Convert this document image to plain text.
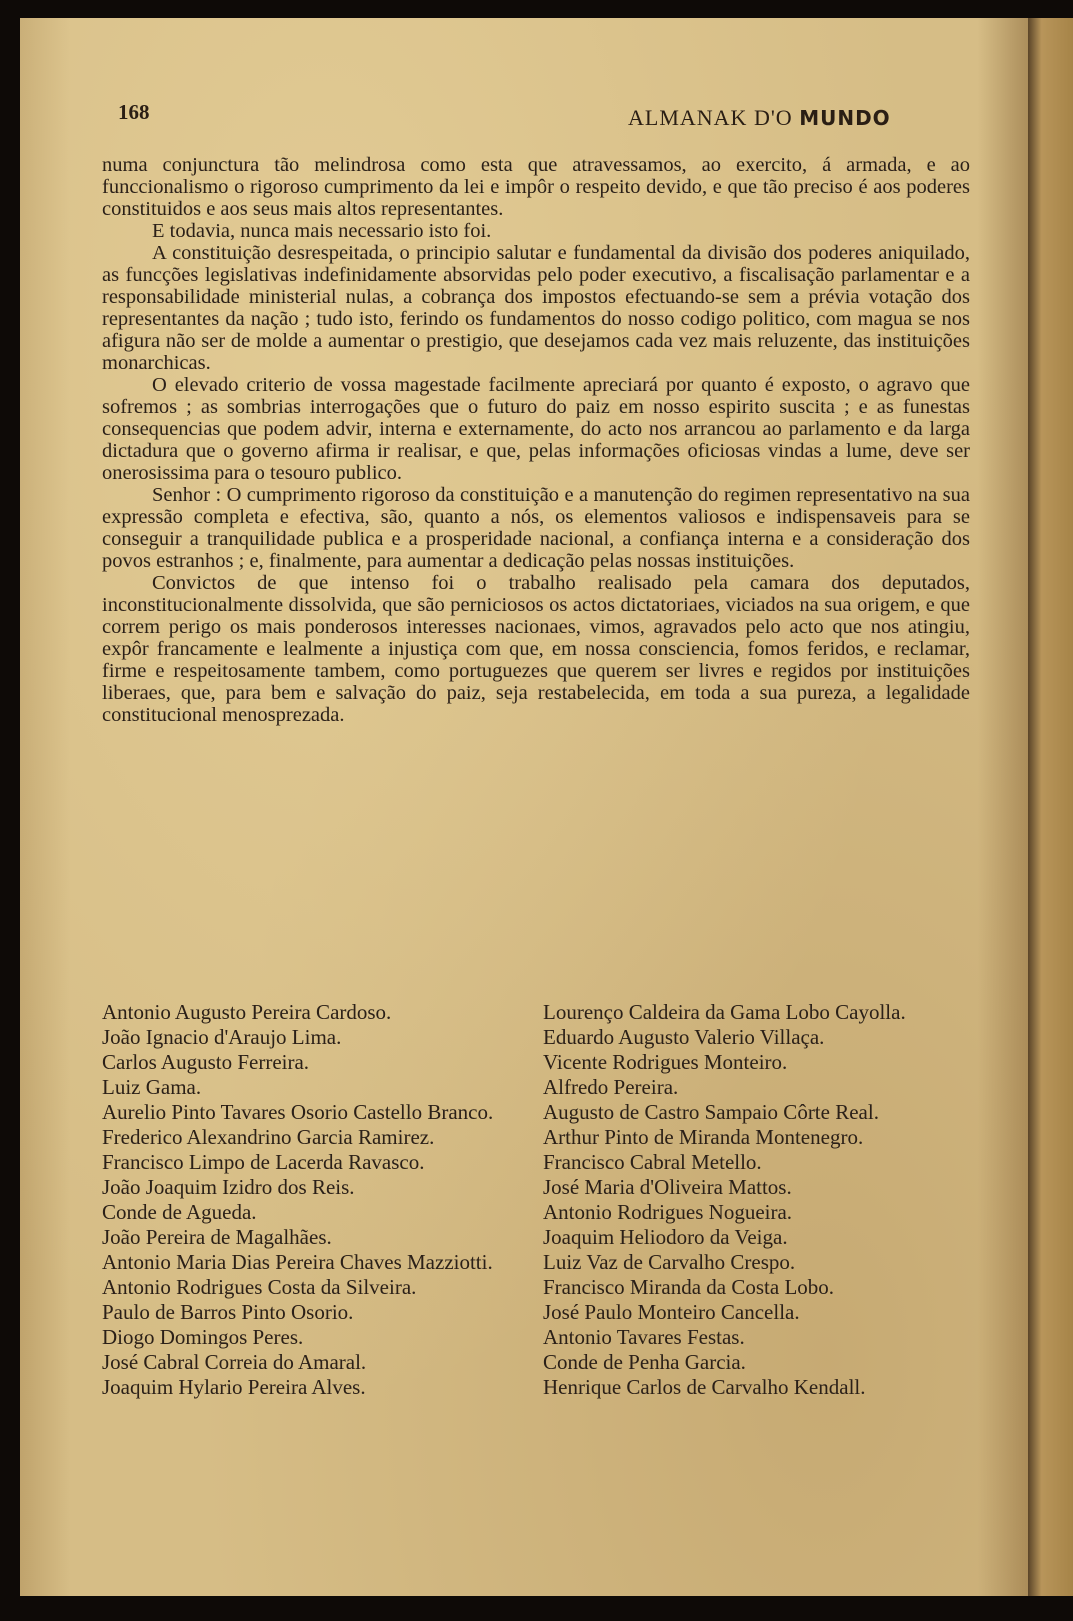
168	ALMANAK D'O MUNDO

numa conjunctura tão melindrosa como esta que atravessamos, ao exercito, á armada, e ao funccionalismo o rigoroso cumprimento da lei e impôr o respeito devido, e que tão preciso é aos poderes constituidos e aos seus mais altos representantes.

E todavia, nunca mais necessario isto foi.

A constituição desrespeitada, o principio salutar e fundamental da divisão dos poderes aniquilado, as funcções legislativas indefinidamente absorvidas pelo poder executivo, a fiscalisação parlamentar e a responsabilidade ministerial nulas, a cobrança dos impostos efectuando-se sem a prévia votação dos representantes da nação ; tudo isto, ferindo os fundamentos do nosso codigo politico, com magua se nos afigura não ser de molde a aumentar o prestigio, que desejamos cada vez mais reluzente, das instituições monarchicas.

O elevado criterio de vossa magestade facilmente apreciará por quanto é exposto, o agravo que sofremos ; as sombrias interrogações que o futuro do paiz em nosso espirito suscita ; e as funestas consequencias que podem advir, interna e externamente, do acto nos arrancou ao parlamento e da larga dictadura que o governo afirma ir realisar, e que, pelas informações oficiosas vindas a lume, deve ser onerosissima para o tesouro publico.

Senhor : O cumprimento rigoroso da constituição e a manutenção do regimen representativo na sua expressão completa e efectiva, são, quanto a nós, os elementos valiosos e indispensaveis para se conseguir a tranquilidade publica e a prosperidade nacional, a confiança interna e a consideração dos povos estranhos ; e, finalmente, para aumentar a dedicação pelas nossas instituições.

Convictos de que intenso foi o trabalho realisado pela camara dos deputados, inconstitucionalmente dissolvida, que são perniciosos os actos dictatoriaes, viciados na sua origem, e que correm perigo os mais ponderosos interesses nacionaes, vimos, agravados pelo acto que nos atingiu, expôr francamente e lealmente a injustiça com que, em nossa consciencia, fomos feridos, e reclamar, firme e respeitosamente tambem, como portuguezes que querem ser livres e regidos por instituições liberaes, que, para bem e salvação do paiz, seja restabelecida, em toda a sua pureza, a legalidade constitucional menosprezada.

Antonio Augusto Pereira Cardoso.
João Ignacio d'Araujo Lima.
Carlos Augusto Ferreira.
Luiz Gama.
Aurelio Pinto Tavares Osorio Castello Branco.
Frederico Alexandrino Garcia Ramirez.
Francisco Limpo de Lacerda Ravasco.
João Joaquim Izidro dos Reis.
Conde de Agueda.
João Pereira de Magalhães.
Antonio Maria Dias Pereira Chaves Mazziotti.
Antonio Rodrigues Costa da Silveira.
Paulo de Barros Pinto Osorio.
Diogo Domingos Peres.
José Cabral Correia do Amaral.
Joaquim Hylario Pereira Alves.
Lourenço Caldeira da Gama Lobo Cayolla.
Eduardo Augusto Valerio Villaça.
Vicente Rodrigues Monteiro.
Alfredo Pereira.
Augusto de Castro Sampaio Côrte Real.
Arthur Pinto de Miranda Montenegro.
Francisco Cabral Metello.
José Maria d'Oliveira Mattos.
Antonio Rodrigues Nogueira.
Joaquim Heliodoro da Veiga.
Luiz Vaz de Carvalho Crespo.
Francisco Miranda da Costa Lobo.
José Paulo Monteiro Cancella.
Antonio Tavares Festas.
Conde de Penha Garcia.
Henrique Carlos de Carvalho Kendall.
